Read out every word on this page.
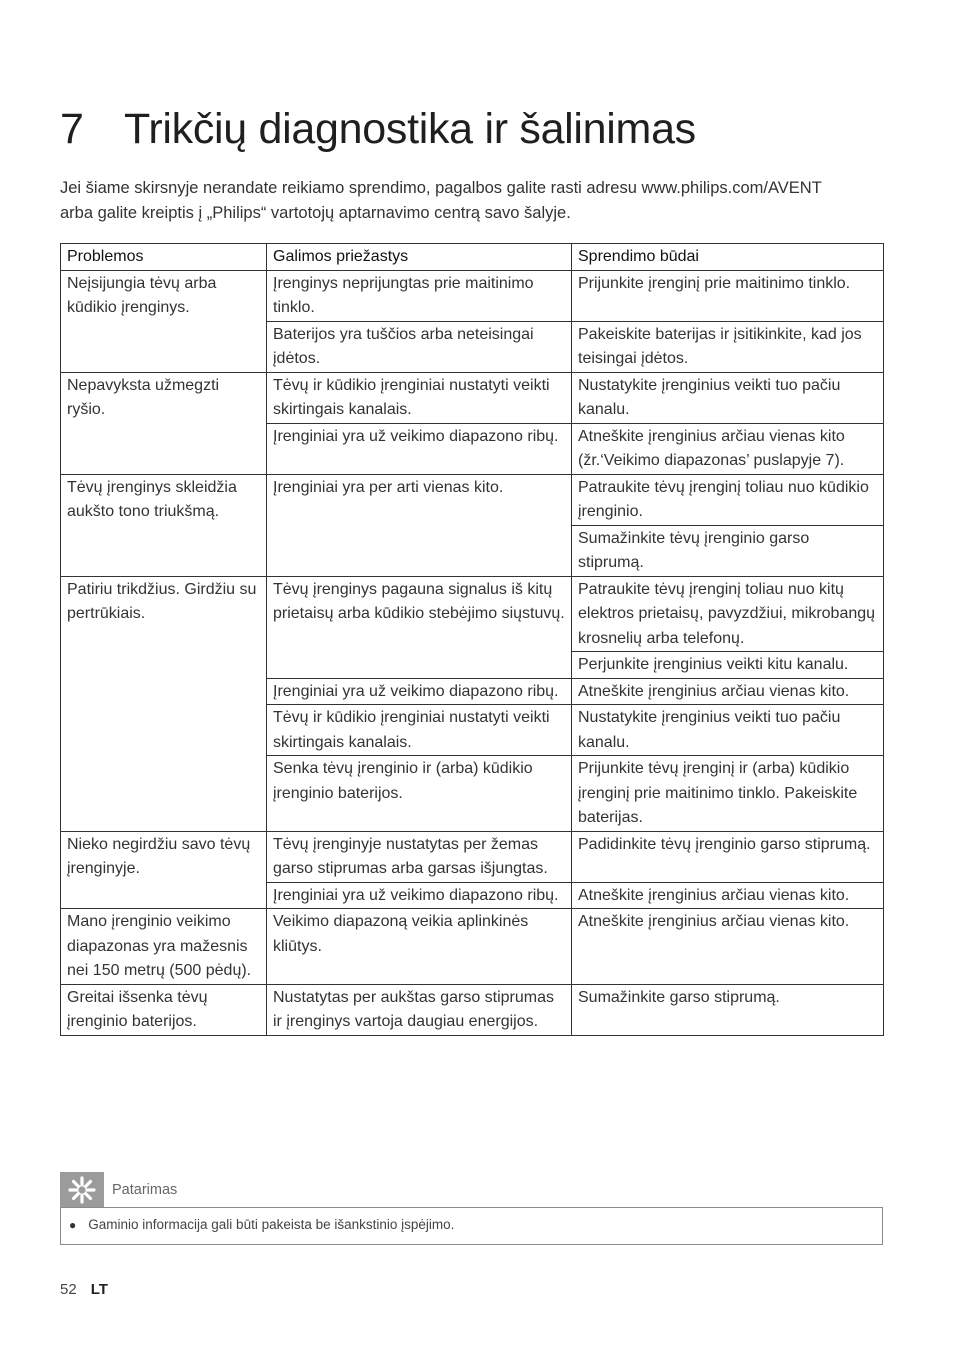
7 Trikčių diagnostika ir šalinimas

Jei šiame skirsnyje nerandate reikiamo sprendimo, pagalbos galite rasti adresu www.philips.com/AVENT

arba galite kreiptis į „Philips“ vartotojų aptarnavimo centrą savo šalyje.

Problemos	Galimos priežastys	Sprendimo būdai
Neįsijungia tėvų arba kūdikio įrenginys.	Įrenginys neprijungtas prie maitinimo tinklo.	Prijunkite įrenginį prie maitinimo tinklo.
	Baterijos yra tuščios arba neteisingai įdėtos.	Pakeiskite baterijas ir įsitikinkite, kad jos teisingai įdėtos.
Nepavyksta užmegzti ryšio.	Tėvų ir kūdikio įrenginiai nustatyti veikti skirtingais kanalais.	Nustatykite įrenginius veikti tuo pačiu kanalu.
	Įrenginiai yra už veikimo diapazono ribų.	Atneškite įrenginius arčiau vienas kito (žr.‘Veikimo diapazonas’ puslapyje 7).
Tėvų įrenginys skleidžia aukšto tono triukšmą.	Įrenginiai yra per arti vienas kito.	Patraukite tėvų įrenginį toliau nuo kūdikio įrenginio.
		Sumažinkite tėvų įrenginio garso stiprumą.
Patiriu trikdžius. Girdžiu su pertrūkiais.	Tėvų įrenginys pagauna signalus iš kitų prietaisų arba kūdikio stebėjimo siųstuvų.	Patraukite tėvų įrenginį toliau nuo kitų elektros prietaisų, pavyzdžiui, mikrobangų krosnelių arba telefonų.
		Perjunkite įrenginius veikti kitu kanalu.
	Įrenginiai yra už veikimo diapazono ribų.	Atneškite įrenginius arčiau vienas kito.
	Tėvų ir kūdikio įrenginiai nustatyti veikti skirtingais kanalais.	Nustatykite įrenginius veikti tuo pačiu kanalu.
	Senka tėvų įrenginio ir (arba) kūdikio įrenginio baterijos.	Prijunkite tėvų įrenginį ir (arba) kūdikio įrenginį prie maitinimo tinklo. Pakeiskite baterijas.
Nieko negirdžiu savo tėvų įrenginyje.	Tėvų įrenginyje nustatytas per žemas garso stiprumas arba garsas išjungtas.	Padidinkite tėvų įrenginio garso stiprumą.
	Įrenginiai yra už veikimo diapazono ribų.	Atneškite įrenginius arčiau vienas kito.
Mano įrenginio veikimo diapazonas yra mažesnis nei 150 metrų (500 pėdų).	Veikimo diapazoną veikia aplinkinės kliūtys.	Atneškite įrenginius arčiau vienas kito.
Greitai išsenka tėvų įrenginio baterijos.	Nustatytas per aukštas garso stiprumas ir įrenginys vartoja daugiau energijos.	Sumažinkite garso stiprumą.
Patarimas
● Gaminio informacija gali būti pakeista be išankstinio įspėjimo.
52 LT
